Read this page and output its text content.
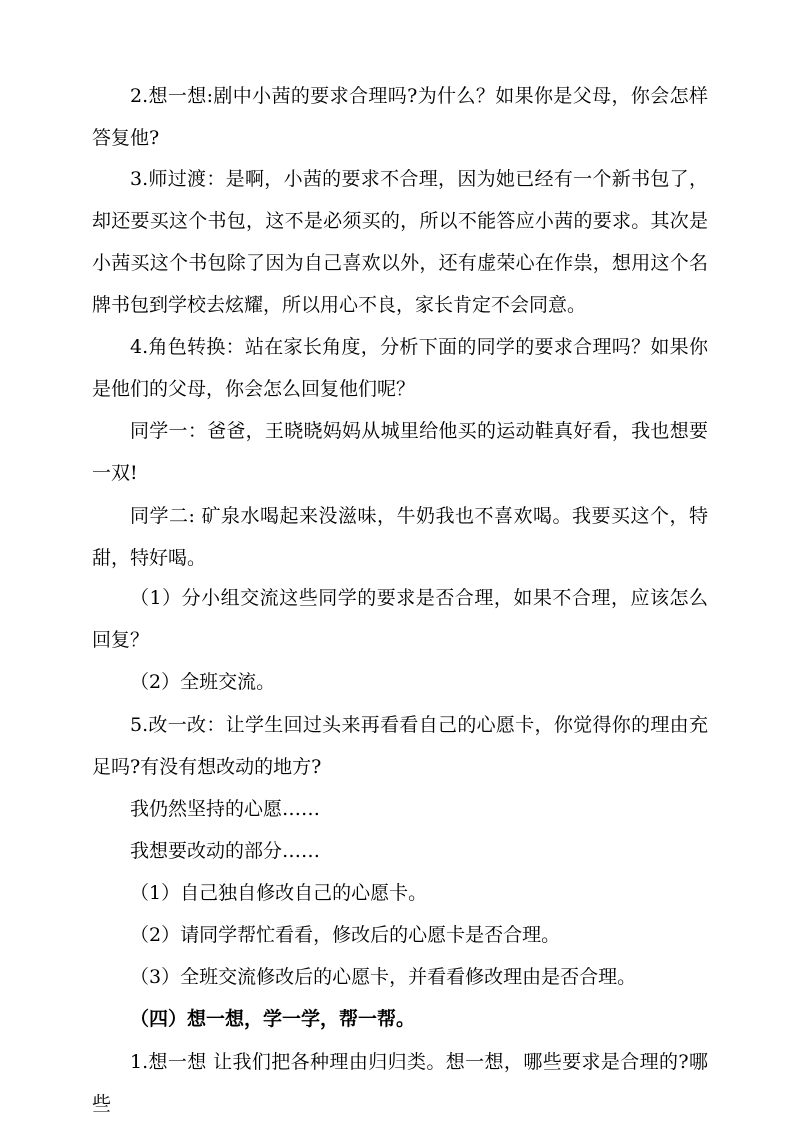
2.想一想:剧中小茜的要求合理吗?为什么？如果你是父母，你会怎样答复他?
3.师过渡：是啊，小茜的要求不合理，因为她已经有一个新书包了，却还要买这个书包，这不是必须买的，所以不能答应小茜的要求。其次是小茜买这个书包除了因为自己喜欢以外，还有虚荣心在作祟，想用这个名牌书包到学校去炫耀，所以用心不良，家长肯定不会同意。
4.角色转换：站在家长角度，分析下面的同学的要求合理吗？如果你是他们的父母，你会怎么回复他们呢？
同学一：爸爸，王晓晓妈妈从城里给他买的运动鞋真好看，我也想要一双!
同学二: 矿泉水喝起来没滋味，牛奶我也不喜欢喝。我要买这个，特甜，特好喝。
（1）分小组交流这些同学的要求是否合理，如果不合理，应该怎么回复？
（2）全班交流。
5.改一改：让学生回过头来再看看自己的心愿卡，你觉得你的理由充足吗?有没有想改动的地方?
我仍然坚持的心愿……
我想要改动的部分……
（1）自己独自修改自己的心愿卡。
（2）请同学帮忙看看，修改后的心愿卡是否合理。
（3）全班交流修改后的心愿卡，并看看修改理由是否合理。
（四）想一想，学一学，帮一帮。
1.想一想 让我们把各种理由归归类。想一想，哪些要求是合理的?哪些
